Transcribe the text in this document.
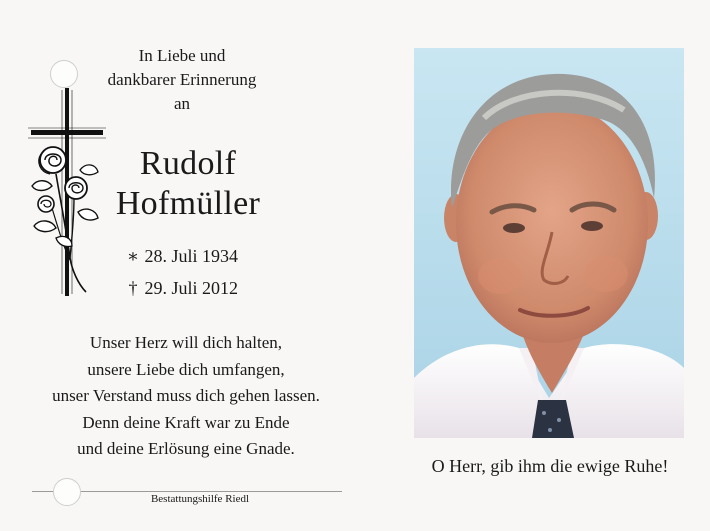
In Liebe und
dankbarer Erinnerung
an
Rudolf
Hofmüller
∗ 28. Juli 1934
† 29. Juli 2012
Unser Herz will dich halten,
unsere Liebe dich umfangen,
unser Verstand muss dich gehen lassen.
Denn deine Kraft war zu Ende
und deine Erlösung eine Gnade.
Bestattungshilfe Riedl
O Herr, gib ihm die ewige Ruhe!
